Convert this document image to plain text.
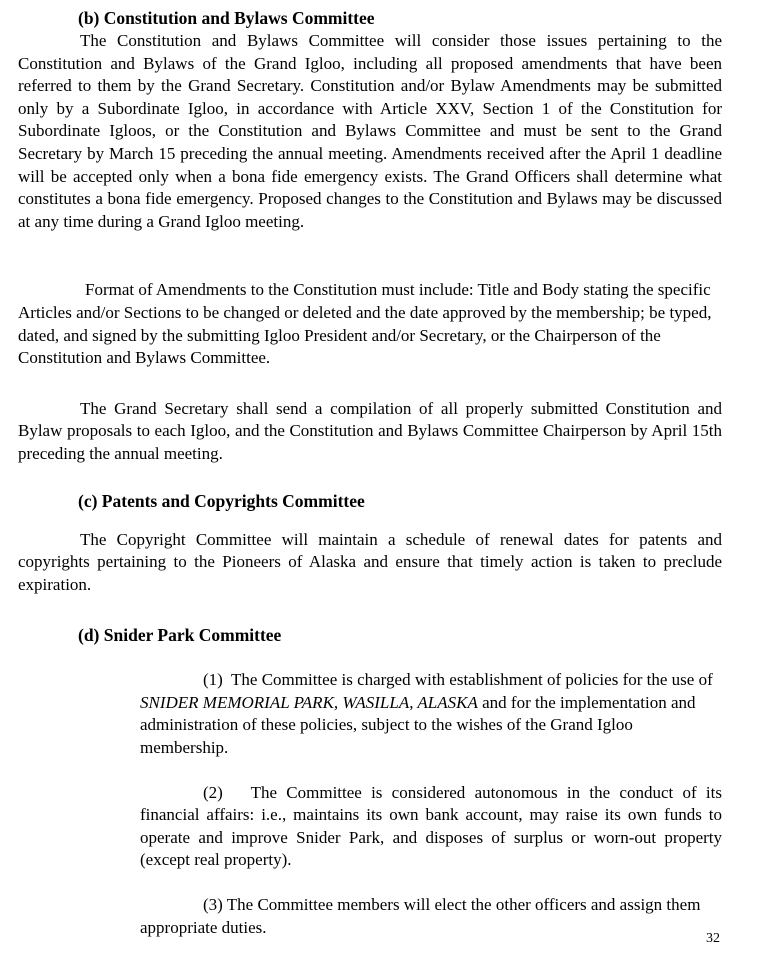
(b) Constitution and Bylaws Committee

The Constitution and Bylaws Committee will consider those issues pertaining to the Constitution and Bylaws of the Grand Igloo, including all proposed amendments that have been referred to them by the Grand Secretary. Constitution and/or Bylaw Amendments may be submitted only by a Subordinate Igloo, in accordance with Article XXV, Section 1 of the Constitution for Subordinate Igloos, or the Constitution and Bylaws Committee and must be sent to the Grand Secretary by March 15 preceding the annual meeting. Amendments received after the April 1 deadline will be accepted only when a bona fide emergency exists. The Grand Officers shall determine what constitutes a bona fide emergency. Proposed changes to the Constitution and Bylaws may be discussed at any time during a Grand Igloo meeting.

Format of Amendments to the Constitution must include: Title and Body stating the specific Articles and/or Sections to be changed or deleted and the date approved by the membership; be typed, dated, and signed by the submitting Igloo President and/or Secretary, or the Chairperson of the Constitution and Bylaws Committee.

The Grand Secretary shall send a compilation of all properly submitted Constitution and Bylaw proposals to each Igloo, and the Constitution and Bylaws Committee Chairperson by April 15th preceding the annual meeting.

(c) Patents and Copyrights Committee

The Copyright Committee will maintain a schedule of renewal dates for patents and copyrights pertaining to the Pioneers of Alaska and ensure that timely action is taken to preclude expiration.

(d) Snider Park Committee

(1)  The Committee is charged with establishment of policies for the use of SNIDER MEMORIAL PARK, WASILLA, ALASKA and for the implementation and administration of these policies, subject to the wishes of the Grand Igloo membership.

(2)   The Committee is considered autonomous in the conduct of its financial affairs: i.e., maintains its own bank account, may raise its own funds to operate and improve Snider Park, and disposes of surplus or worn-out property (except real property).

(3) The Committee members will elect the other officers and assign them appropriate duties.

32
